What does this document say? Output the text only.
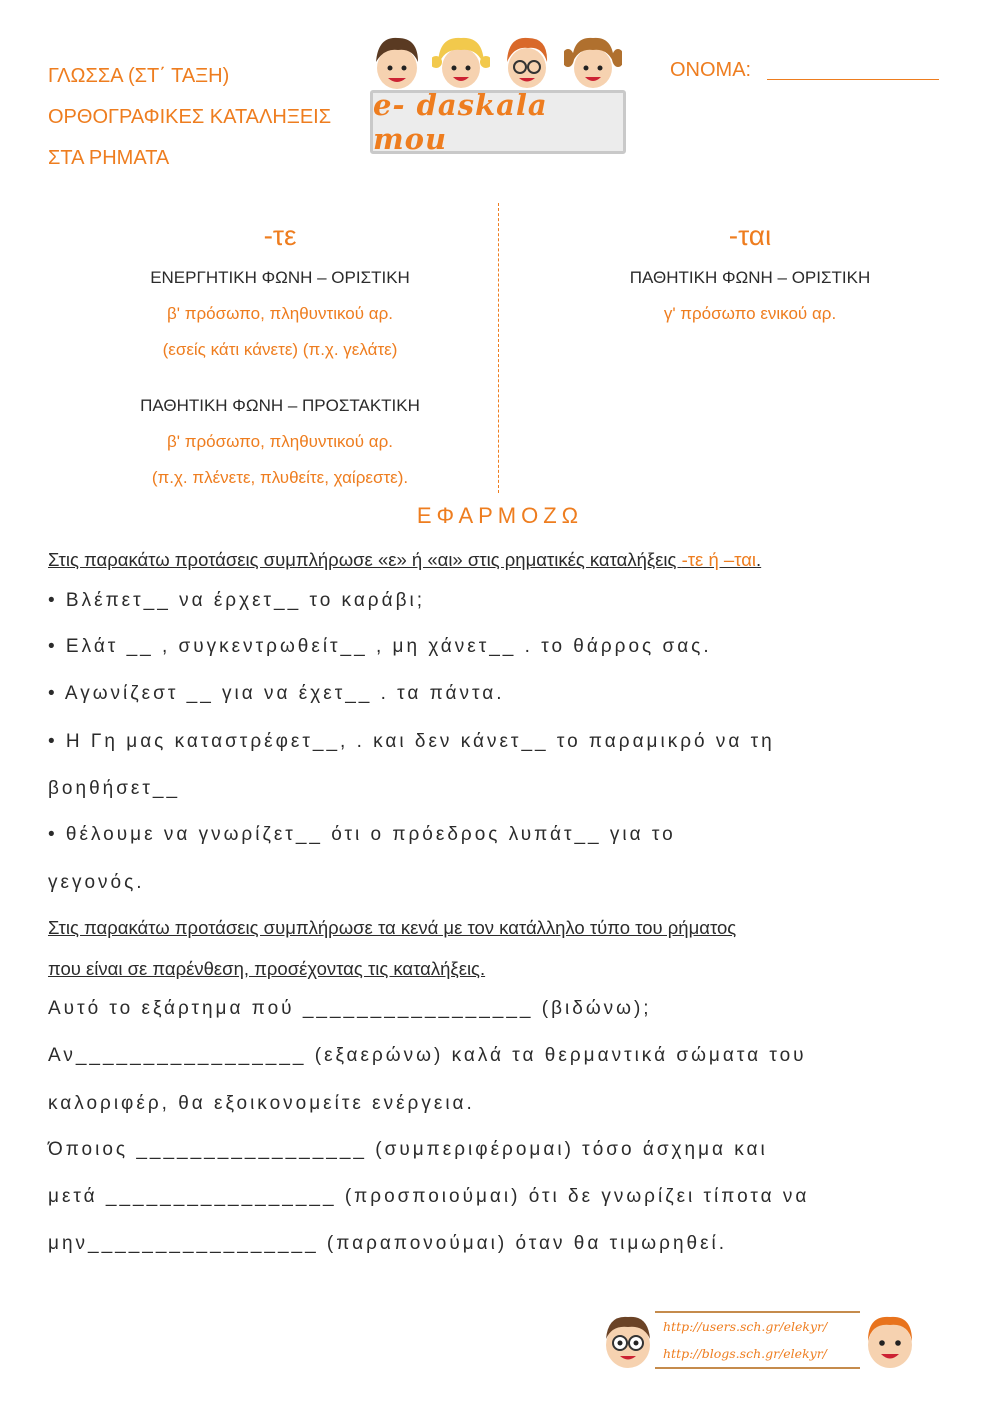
ΓΛΩΣΣΑ (ΣΤ΄ ΤΑΞΗ)
ΟΡΘΟΓΡΑΦΙΚΕΣ ΚΑΤΑΛΗΞΕΙΣ
ΣΤΑ ΡΗΜΑΤΑ
e- daskala mou
ΟΝΟΜΑ:
-τε
ΕΝΕΡΓΗΤΙΚΗ ΦΩΝΗ – ΟΡΙΣΤΙΚΗ
β' πρόσωπο, πληθυντικού αρ.
(εσείς κάτι κάνετε) (π.χ. γελάτε)
ΠΑΘΗΤΙΚΗ ΦΩΝΗ – ΠΡΟΣΤΑΚΤΙΚΗ
β' πρόσωπο, πληθυντικού αρ.
(π.χ. πλένετε, πλυθείτε, χαίρεστε).
-ται
ΠΑΘΗΤΙΚΗ ΦΩΝΗ – ΟΡΙΣΤΙΚΗ
γ' πρόσωπο ενικού αρ.
ΕΦΑΡΜΟΖΩ
Στις παρακάτω προτάσεις συμπλήρωσε «ε» ή «αι» στις ρηματικές καταλήξεις -τε ή –ται.
• Βλέπετ__ να έρχετ__ το καράβι;
• Ελάτ __ , συγκεντρωθείτ__ , μη χάνετ__ . το θάρρος σας.
• Αγωνίζεστ __ για να έχετ__ . τα πάντα.
• Η Γη μας καταστρέφετ__, . και δεν κάνετ__ το παραμικρό να τη
βοηθήσετ__
• θέλουμε να γνωρίζετ__ ότι ο πρόεδρος λυπάτ__ για το
γεγονός.
Στις παρακάτω προτάσεις συμπλήρωσε τα κενά με τον κατάλληλο τύπο του ρήματος
που είναι σε παρένθεση, προσέχοντας τις καταλήξεις.
Αυτό το εξάρτημα πού _________________ (βιδώνω);
Αν_________________ (εξαερώνω) καλά τα θερμαντικά σώματα του
καλοριφέρ, θα εξοικονομείτε ενέργεια.
Όποιος _________________ (συμπεριφέρομαι) τόσο άσχημα και
μετά _________________ (προσποιούμαι) ότι δε γνωρίζει τίποτα να
μην_________________ (παραπονούμαι) όταν θα τιμωρηθεί.
http://users.sch.gr/elekyr/
http://blogs.sch.gr/elekyr/
